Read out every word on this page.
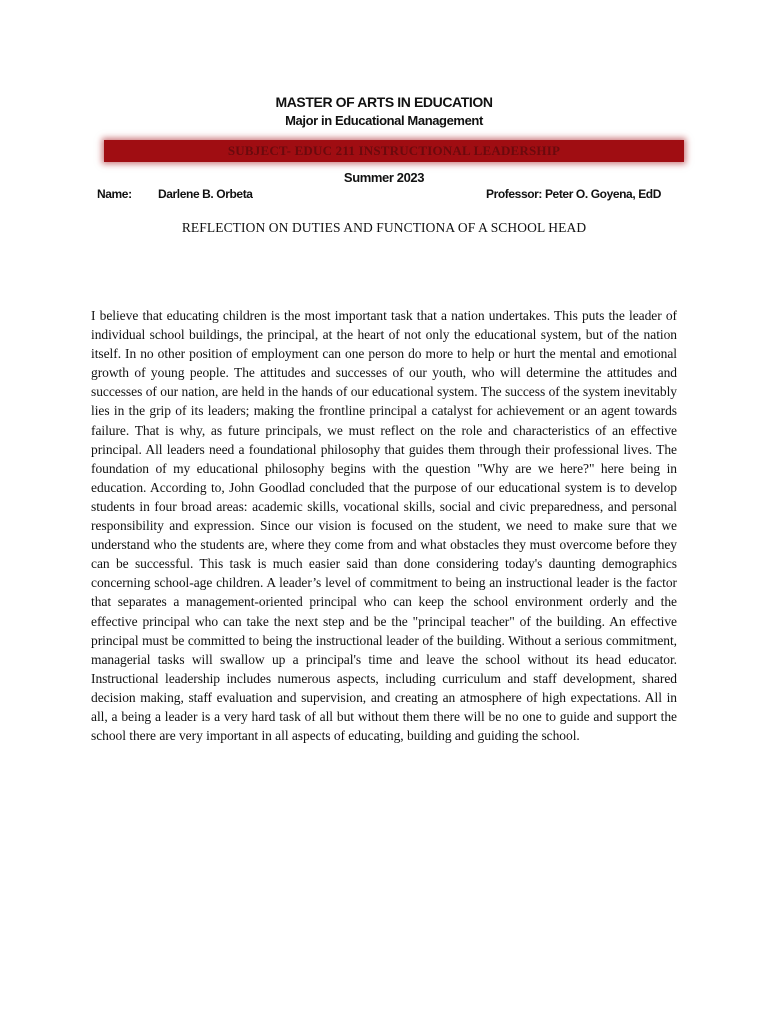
MASTER OF ARTS IN EDUCATION
Major in Educational Management
SUBJECT- EDUC 211 INSTRUCTIONAL LEADERSHIP
Summer 2023
Name: Darlene B. Orbeta	Professor: Peter O. Goyena, EdD
REFLECTION ON DUTIES AND FUNCTIONA OF A SCHOOL HEAD

I believe that educating children is the most important task that a nation undertakes. This puts the leader of individual school buildings, the principal, at the heart of not only the educational system, but of the nation itself. In no other position of employment can one person do more to help or hurt the mental and emotional growth of young people. The attitudes and successes of our youth, who will determine the attitudes and successes of our nation, are held in the hands of our educational system. The success of the system inevitably lies in the grip of its leaders; making the frontline principal a catalyst for achievement or an agent towards failure. That is why, as future principals, we must reflect on the role and characteristics of an effective principal. All leaders need a foundational philosophy that guides them through their professional lives. The foundation of my educational philosophy begins with the question "Why are we here?" here being in education. According to, John Goodlad concluded that the purpose of our educational system is to develop students in four broad areas: academic skills, vocational skills, social and civic preparedness, and personal responsibility and expression. Since our vision is focused on the student, we need to make sure that we understand who the students are, where they come from and what obstacles they must overcome before they can be successful. This task is much easier said than done considering today's daunting demographics concerning school-age children. A leader’s level of commitment to being an instructional leader is the factor that separates a management-oriented principal who can keep the school environment orderly and the effective principal who can take the next step and be the "principal teacher" of the building. An effective principal must be committed to being the instructional leader of the building. Without a serious commitment, managerial tasks will swallow up a principal's time and leave the school without its head educator. Instructional leadership includes numerous aspects, including curriculum and staff development, shared decision making, staff evaluation and supervision, and creating an atmosphere of high expectations. All in all, a being a leader is a very hard task of all but without them there will be no one to guide and support the school there are very important in all aspects of educating, building and guiding the school.
